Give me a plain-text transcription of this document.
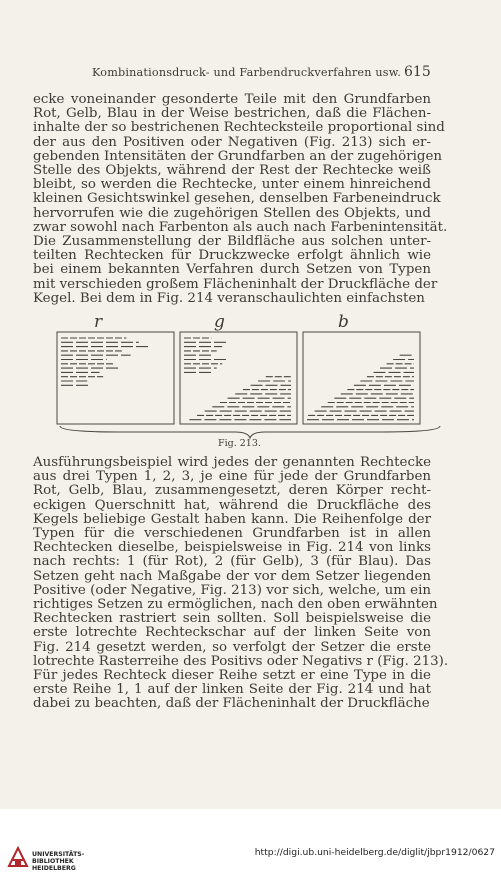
Kombinationsdruck- und Farbendruckverfahren usw. 615
ecke voneinander gesonderte Teile mit den Grundfarben
Rot, Gelb, Blau in der Weise bestrichen, daß die Flächen-
inhalte der so bestrichenen Rechtecksteile proportional sind
der aus den Positiven oder Negativen (Fig. 213) sich er-
gebenden Intensitäten der Grundfarben an der zugehörigen
Stelle des Objekts, während der Rest der Rechtecke weiß
bleibt, so werden die Rechtecke, unter einem hinreichend
kleinen Gesichtswinkel gesehen, denselben Farbeneindruck
hervorrufen wie die zugehörigen Stellen des Objekts, und
zwar sowohl nach Farbenton als auch nach Farbenintensität.
Die Zusammenstellung der Bildfläche aus solchen unter-
teilten Rechtecken für Druckzwecke erfolgt ähnlich wie
bei einem bekannten Verfahren durch Setzen von Typen
mit verschieden großem Flächeninhalt der Druckfläche der
Kegel. Bei dem in Fig. 214 veranschaulichten einfachsten
r	g	b
Fig. 213.
Ausführungsbeispiel wird jedes der genannten Rechtecke
aus drei Typen 1, 2, 3, je eine für jede der Grundfarben
Rot, Gelb, Blau, zusammengesetzt, deren Körper recht-
eckigen Querschnitt hat, während die Druckfläche des
Kegels beliebige Gestalt haben kann. Die Reihenfolge der
Typen für die verschiedenen Grundfarben ist in allen
Rechtecken dieselbe, beispielsweise in Fig. 214 von links
nach rechts: 1 (für Rot), 2 (für Gelb), 3 (für Blau). Das
Setzen geht nach Maßgabe der vor dem Setzer liegenden
Positive (oder Negative, Fig. 213) vor sich, welche, um ein
richtiges Setzen zu ermöglichen, nach den oben erwähnten
Rechtecken rastriert sein sollten. Soll beispielsweise die
erste lotrechte Rechteckschar auf der linken Seite von
Fig. 214 gesetzt werden, so verfolgt der Setzer die erste
lotrechte Rasterreihe des Positivs oder Negativs r (Fig. 213).
Für jedes Rechteck dieser Reihe setzt er eine Type in die
erste Reihe 1, 1 auf der linken Seite der Fig. 214 und hat
dabei zu beachten, daß der Flächeninhalt der Druckfläche
UNIVERSITÄTS-
BIBLIOTHEK
HEIDELBERG
http://digi.ub.uni-heidelberg.de/diglit/jbpr1912/0627
